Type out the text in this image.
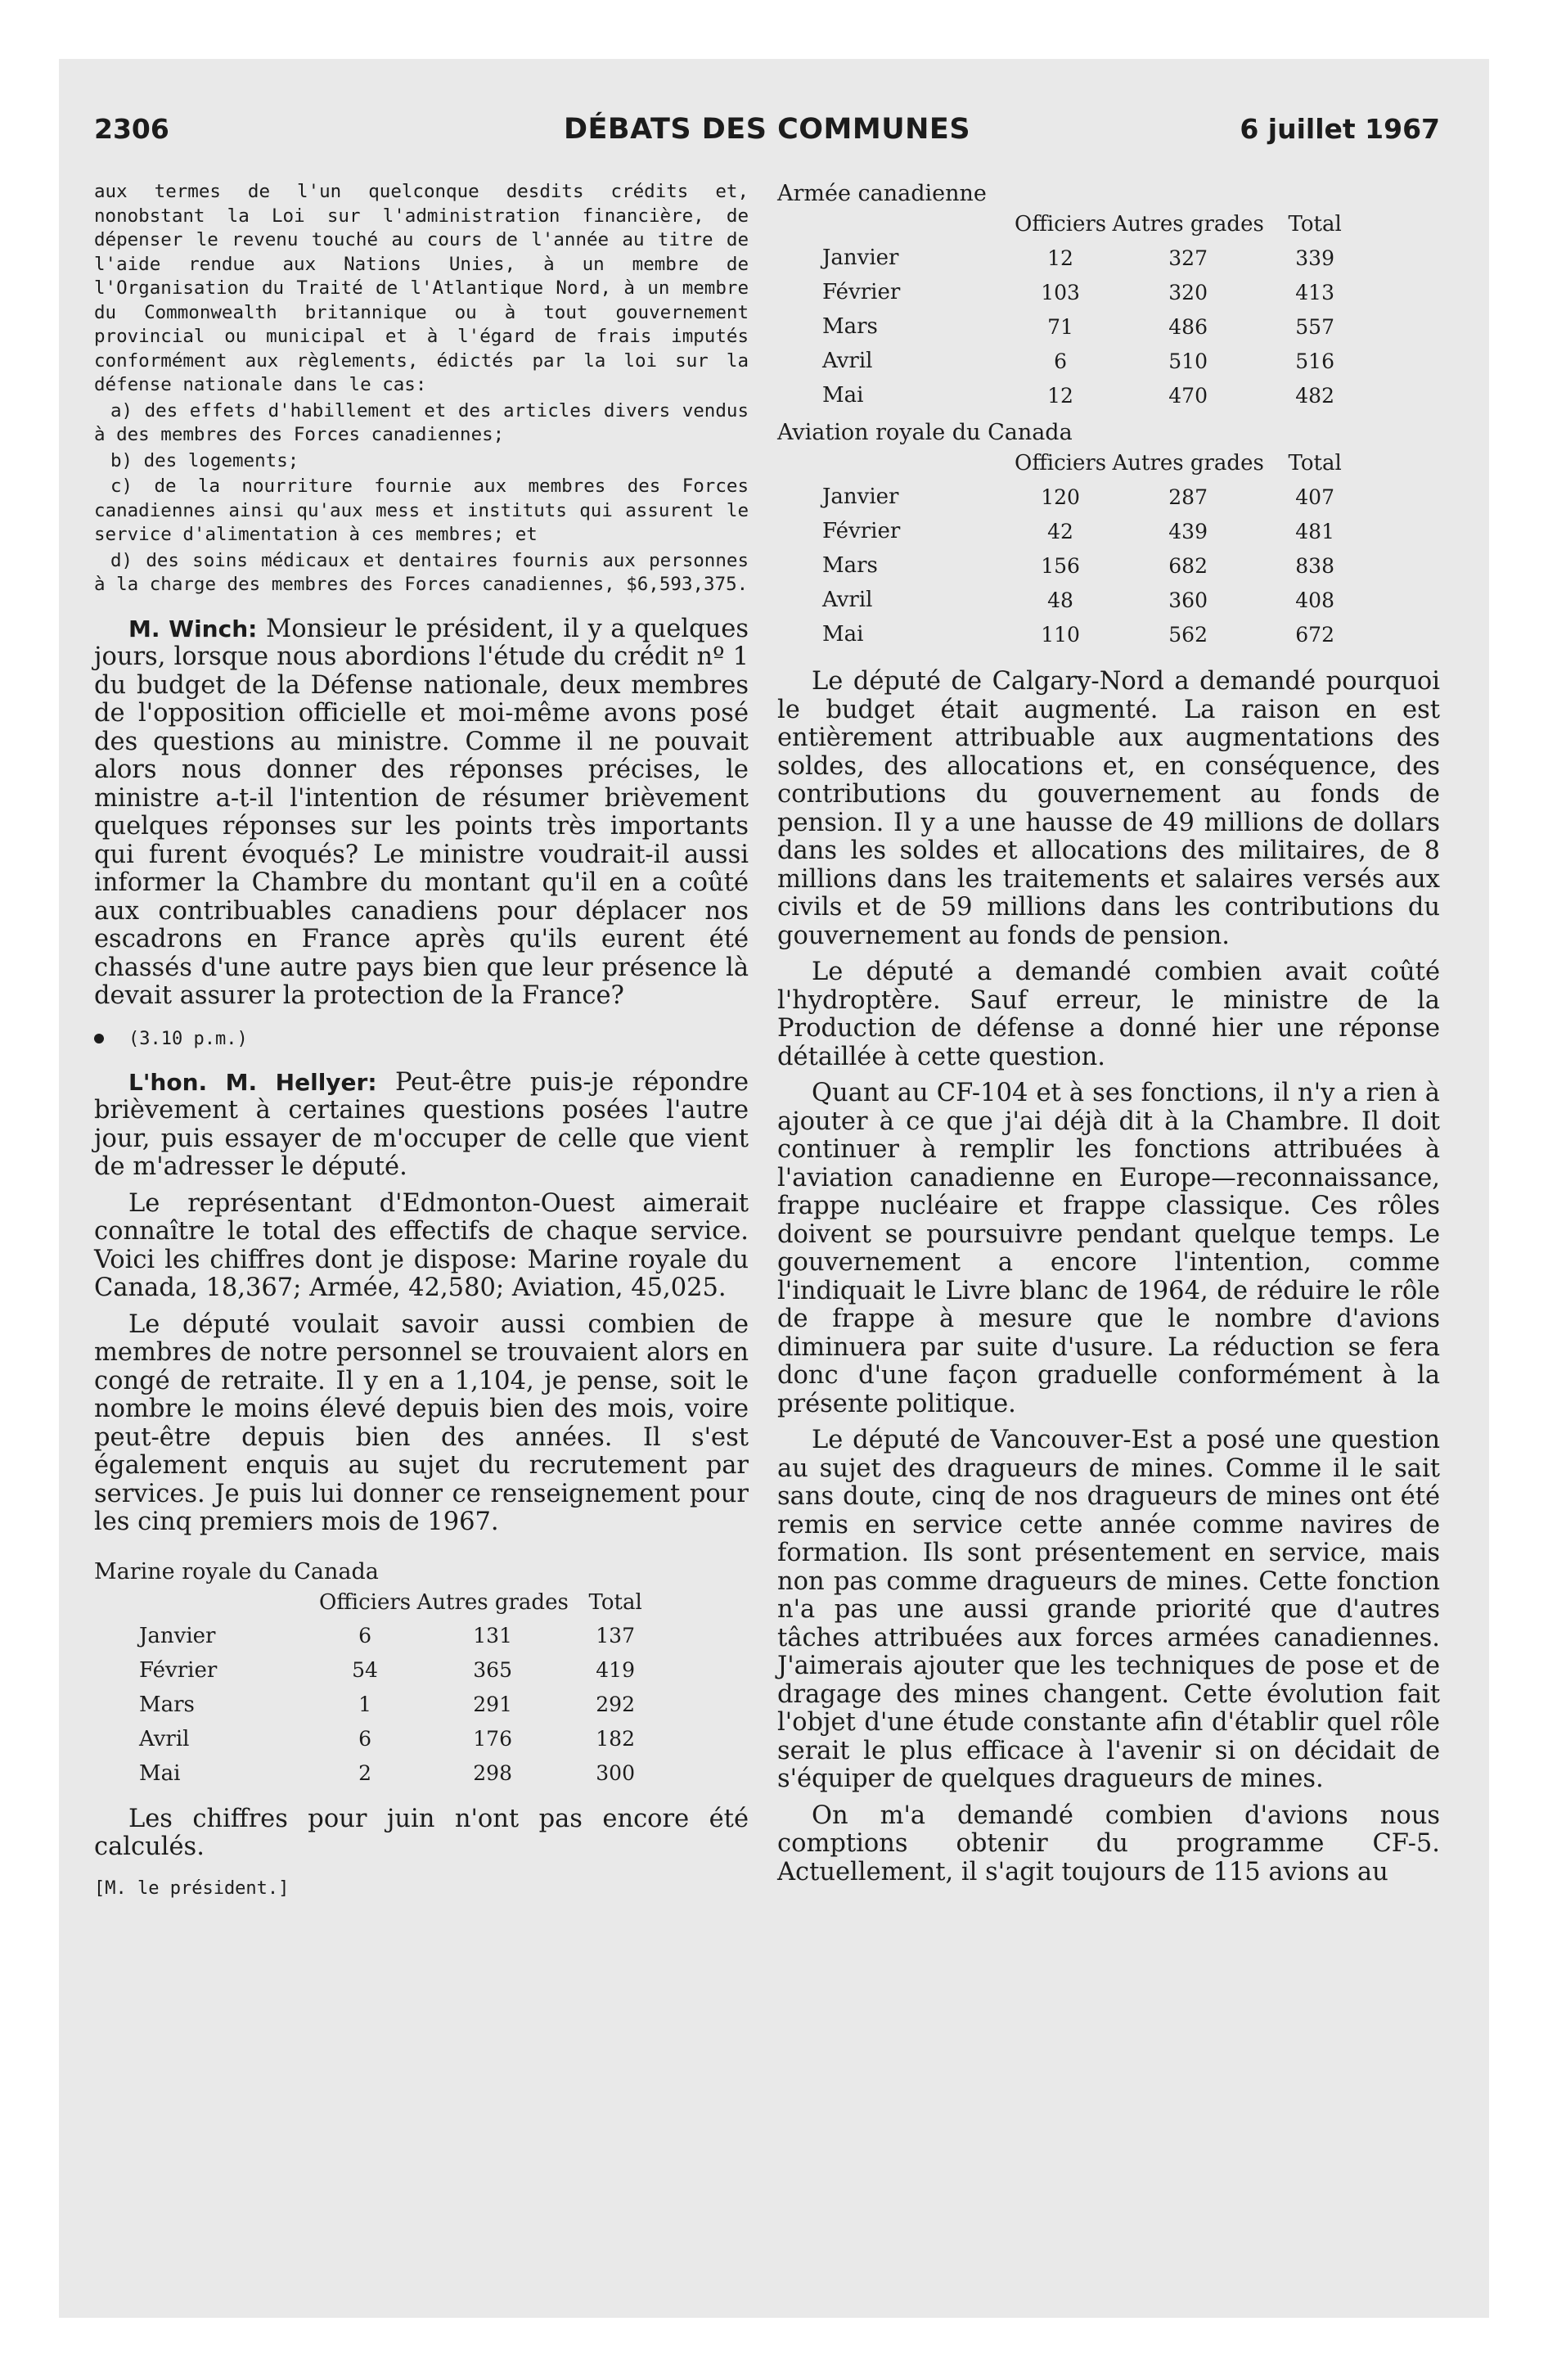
2306	DÉBATS DES COMMUNES	6 juillet 1967

aux termes de l'un quelconque desdits crédits et, nonobstant la Loi sur l'administration financière, de dépenser le revenu touché au cours de l'année au titre de l'aide rendue aux Nations Unies, à un membre de l'Organisation du Traité de l'Atlantique Nord, à un membre du Commonwealth britannique ou à tout gouvernement provincial ou municipal et à l'égard de frais imputés conformément aux règlements, édictés par la loi sur la défense nationale dans le cas:

a) des effets d'habillement et des articles divers vendus à des membres des Forces canadiennes;

b) des logements;

c) de la nourriture fournie aux membres des Forces canadiennes ainsi qu'aux mess et instituts qui assurent le service d'alimentation à ces membres; et

d) des soins médicaux et dentaires fournis aux personnes à la charge des membres des Forces canadiennes, $6,593,375.

M. Winch: Monsieur le président, il y a quelques jours, lorsque nous abordions l'étude du crédit nº 1 du budget de la Défense nationale, deux membres de l'opposition officielle et moi-même avons posé des questions au ministre. Comme il ne pouvait alors nous donner des réponses précises, le ministre a-t-il l'intention de résumer brièvement quelques réponses sur les points très importants qui furent évoqués? Le ministre voudrait-il aussi informer la Chambre du montant qu'il en a coûté aux contribuables canadiens pour déplacer nos escadrons en France après qu'ils eurent été chassés d'une autre pays bien que leur présence là devait assurer la protection de la France?

(3.10 p.m.)

L'hon. M. Hellyer: Peut-être puis-je répondre brièvement à certaines questions posées l'autre jour, puis essayer de m'occuper de celle que vient de m'adresser le député.

Le représentant d'Edmonton-Ouest aimerait connaître le total des effectifs de chaque service. Voici les chiffres dont je dispose: Marine royale du Canada, 18,367; Armée, 42,580; Aviation, 45,025.

Le député voulait savoir aussi combien de membres de notre personnel se trouvaient alors en congé de retraite. Il y en a 1,104, je pense, soit le nombre le moins élevé depuis bien des mois, voire peut-être depuis bien des années. Il s'est également enquis au sujet du recrutement par services. Je puis lui donner ce renseignement pour les cinq premiers mois de 1967.

Marine royale du Canada

	Officiers	Autres grades	Total
Janvier	6	131	137
Février	54	365	419
Mars	1	291	292
Avril	6	176	182
Mai	2	298	300

Les chiffres pour juin n'ont pas encore été calculés.

[M. le président.]

Armée canadienne

	Officiers	Autres grades	Total
Janvier	12	327	339
Février	103	320	413
Mars	71	486	557
Avril	6	510	516
Mai	12	470	482

Aviation royale du Canada

	Officiers	Autres grades	Total
Janvier	120	287	407
Février	42	439	481
Mars	156	682	838
Avril	48	360	408
Mai	110	562	672

Le député de Calgary-Nord a demandé pourquoi le budget était augmenté. La raison en est entièrement attribuable aux augmentations des soldes, des allocations et, en conséquence, des contributions du gouvernement au fonds de pension. Il y a une hausse de 49 millions de dollars dans les soldes et allocations des militaires, de 8 millions dans les traitements et salaires versés aux civils et de 59 millions dans les contributions du gouvernement au fonds de pension.

Le député a demandé combien avait coûté l'hydroptère. Sauf erreur, le ministre de la Production de défense a donné hier une réponse détaillée à cette question.

Quant au CF-104 et à ses fonctions, il n'y a rien à ajouter à ce que j'ai déjà dit à la Chambre. Il doit continuer à remplir les fonctions attribuées à l'aviation canadienne en Europe—reconnaissance, frappe nucléaire et frappe classique. Ces rôles doivent se poursuivre pendant quelque temps. Le gouvernement a encore l'intention, comme l'indiquait le Livre blanc de 1964, de réduire le rôle de frappe à mesure que le nombre d'avions diminuera par suite d'usure. La réduction se fera donc d'une façon graduelle conformément à la présente politique.

Le député de Vancouver-Est a posé une question au sujet des dragueurs de mines. Comme il le sait sans doute, cinq de nos dragueurs de mines ont été remis en service cette année comme navires de formation. Ils sont présentement en service, mais non pas comme dragueurs de mines. Cette fonction n'a pas une aussi grande priorité que d'autres tâches attribuées aux forces armées canadiennes. J'aimerais ajouter que les techniques de pose et de dragage des mines changent. Cette évolution fait l'objet d'une étude constante afin d'établir quel rôle serait le plus efficace à l'avenir si on décidait de s'équiper de quelques dragueurs de mines.

On m'a demandé combien d'avions nous comptions obtenir du programme CF-5. Actuellement, il s'agit toujours de 115 avions au
